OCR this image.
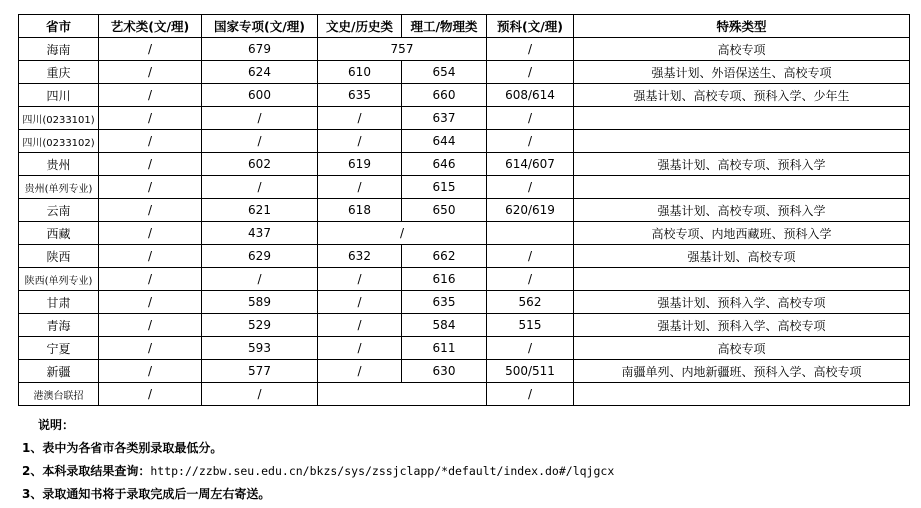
省市	艺术类(文/理)	国家专项(文/理)	文史/历史类	理工/物理类	预科(文/理)	特殊类型
海南	/	679	757		/	高校专项
重庆	/	624	610	654	/	强基计划、外语保送生、高校专项
四川	/	600	635	660	608/614	强基计划、高校专项、预科入学、少年生
四川(0233101)	/	/	/	637	/	
四川(0233102)	/	/	/	644	/	
贵州	/	602	619	646	614/607	强基计划、高校专项、预科入学
贵州(单列专业)	/	/	/	615	/	
云南	/	621	618	650	620/619	强基计划、高校专项、预科入学
西藏	/	437	/			高校专项、内地西藏班、预科入学
陕西	/	629	632	662	/	强基计划、高校专项
陕西(单列专业)	/	/	/	616	/	
甘肃	/	589	/	635	562	强基计划、预科入学、高校专项
青海	/	529	/	584	515	强基计划、预科入学、高校专项
宁夏	/	593	/	611	/	高校专项
新疆	/	577	/	630	500/511	南疆单列、内地新疆班、预科入学、高校专项
港澳台联招	/	/			/	
说明：
1、表中为各省市各类别录取最低分。
2、本科录取结果查询：http://zzbw.seu.edu.cn/bkzs/sys/zssjclapp/*default/index.do#/lqjgcx
3、录取通知书将于录取完成后一周左右寄送。
